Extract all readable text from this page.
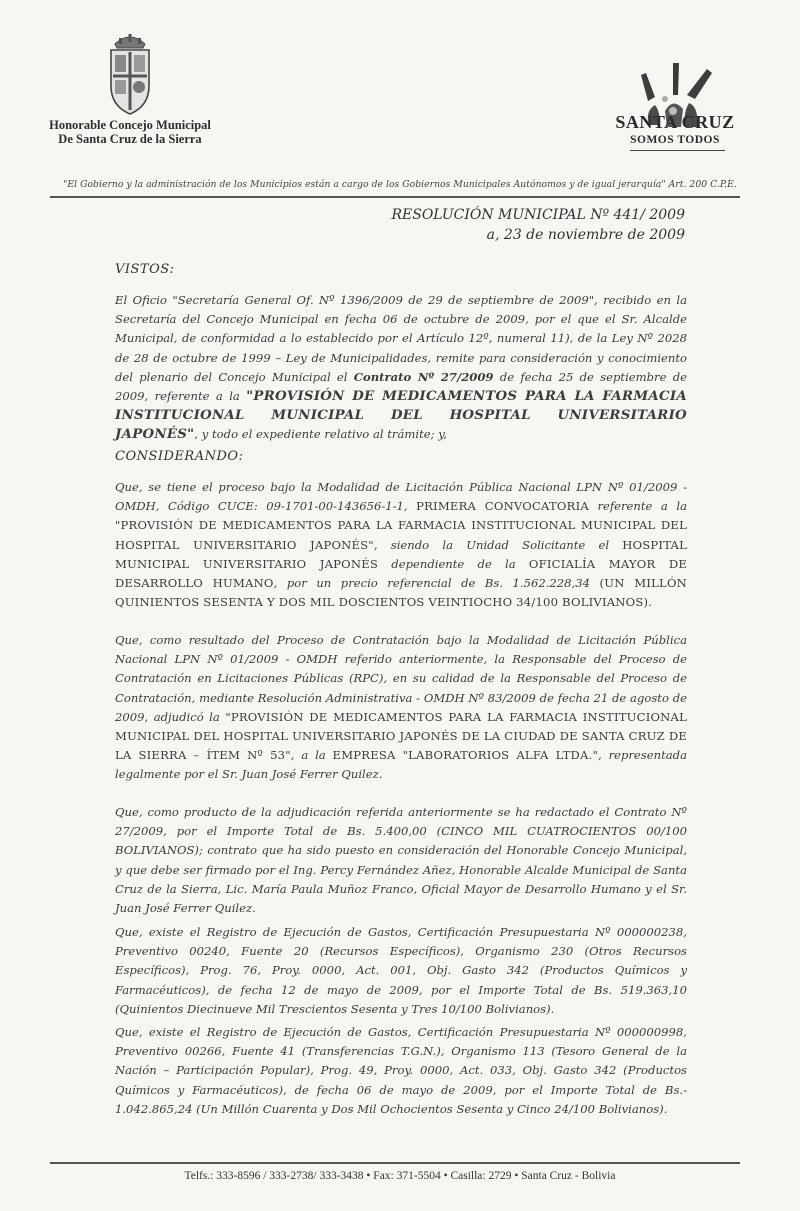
Honorable Concejo Municipal
De Santa Cruz de la Sierra
SANTA CRUZ
SOMOS TODOS
"El Gobierno y la administración de los Municipios están a cargo de los Gobiernos Municipales Autónomos y de igual jerarquía" Art. 200 C.P.E.
RESOLUCIÓN MUNICIPAL Nº 441/ 2009
a, 23 de noviembre de 2009
VISTOS:

El Oficio "Secretaría General Of. Nº 1396/2009 de 29 de septiembre de 2009", recibido en la Secretaría del Concejo Municipal en fecha 06 de octubre de 2009, por el que el Sr. Alcalde Municipal, de conformidad a lo establecido por el Artículo 12º, numeral 11), de la Ley Nº 2028 de 28 de octubre de 1999 – Ley de Municipalidades, remite para consideración y conocimiento del plenario del Concejo Municipal el Contrato Nº 27/2009 de fecha 25 de septiembre de 2009, referente a la "PROVISIÓN DE MEDICAMENTOS PARA LA FARMACIA INSTITUCIONAL MUNICIPAL DEL HOSPITAL UNIVERSITARIO JAPONÉS", y todo el expediente relativo al trámite; y,

CONSIDERANDO:

Que, se tiene el proceso bajo la Modalidad de Licitación Pública Nacional LPN Nº 01/2009 - OMDH, Código CUCE: 09-1701-00-143656-1-1, PRIMERA CONVOCATORIA referente a la "PROVISIÓN DE MEDICAMENTOS PARA LA FARMACIA INSTITUCIONAL MUNICIPAL DEL HOSPITAL UNIVERSITARIO JAPONÉS", siendo la Unidad Solicitante el HOSPITAL MUNICIPAL UNIVERSITARIO JAPONÉS dependiente de la OFICIALÍA MAYOR DE DESARROLLO HUMANO, por un precio referencial de Bs. 1.562.228,34 (UN MILLÓN QUINIENTOS SESENTA Y DOS MIL DOSCIENTOS VEINTIOCHO 34/100 BOLIVIANOS).

Que, como resultado del Proceso de Contratación bajo la Modalidad de Licitación Pública Nacional LPN Nº 01/2009 - OMDH referido anteriormente, la Responsable del Proceso de Contratación en Licitaciones Públicas (RPC), en su calidad de la Responsable del Proceso de Contratación, mediante Resolución Administrativa - OMDH Nº 83/2009 de fecha 21 de agosto de 2009, adjudicó la "PROVISIÓN DE MEDICAMENTOS PARA LA FARMACIA INSTITUCIONAL MUNICIPAL DEL HOSPITAL UNIVERSITARIO JAPONÉS DE LA CIUDAD DE SANTA CRUZ DE LA SIERRA – ÍTEM Nº 53", a la EMPRESA "LABORATORIOS ALFA LTDA.", representada legalmente por el Sr. Juan José Ferrer Quilez.

Que, como producto de la adjudicación referida anteriormente se ha redactado el Contrato Nº 27/2009, por el Importe Total de Bs. 5.400,00 (CINCO MIL CUATROCIENTOS 00/100 BOLIVIANOS); contrato que ha sido puesto en consideración del Honorable Concejo Municipal, y que debe ser firmado por el Ing. Percy Fernández Añez, Honorable Alcalde Municipal de Santa Cruz de la Sierra, Lic. María Paula Muñoz Franco, Oficial Mayor de Desarrollo Humano y el Sr. Juan José Ferrer Quilez.

Que, existe el Registro de Ejecución de Gastos, Certificación Presupuestaria Nº 000000238, Preventivo 00240, Fuente 20 (Recursos Específicos), Organismo 230 (Otros Recursos Específicos), Prog. 76, Proy. 0000, Act. 001, Obj. Gasto 342 (Productos Químicos y Farmacéuticos), de fecha 12 de mayo de 2009, por el Importe Total de Bs. 519.363,10 (Quinientos Diecinueve Mil Trescientos Sesenta y Tres 10/100 Bolivianos).

Que, existe el Registro de Ejecución de Gastos, Certificación Presupuestaria Nº 000000998, Preventivo 00266, Fuente 41 (Transferencias T.G.N.), Organismo 113 (Tesoro General de la Nación – Participación Popular), Prog. 49, Proy. 0000, Act. 033, Obj. Gasto 342 (Productos Químicos y Farmacéuticos), de fecha 06 de mayo de 2009, por el Importe Total de Bs.- 1.042.865,24 (Un Millón Cuarenta y Dos Mil Ochocientos Sesenta y Cinco 24/100 Bolivianos).

Telfs.: 333-8596 / 333-2738/ 333-3438 • Fax: 371-5504 • Casilla: 2729 • Santa Cruz - Bolivia
